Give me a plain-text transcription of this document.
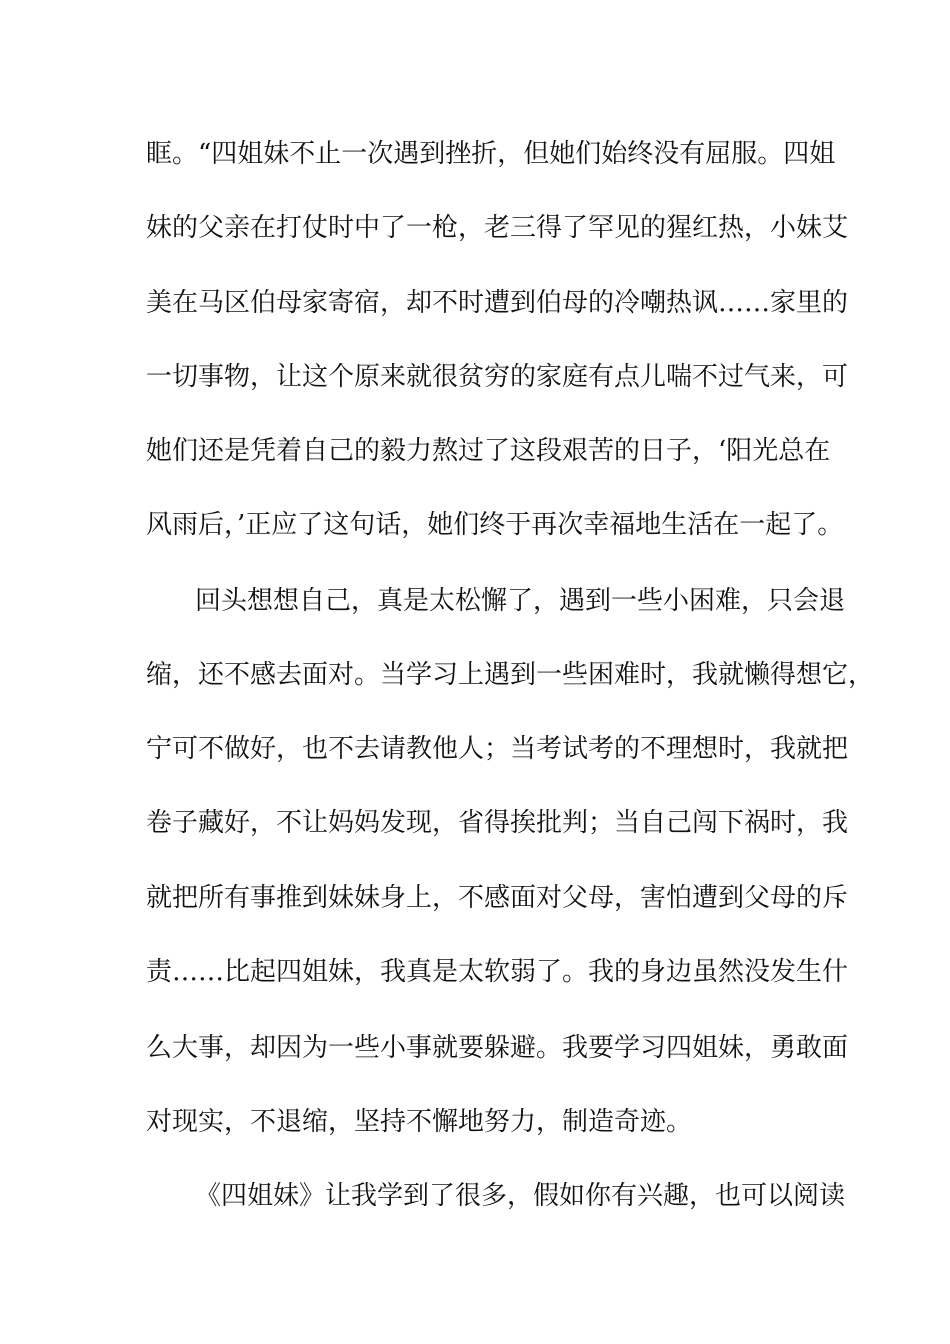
眶。“四姐妹不止一次遇到挫折，但她们始终没有屈服。四姐
妹的父亲在打仗时中了一枪，老三得了罕见的猩红热，小妹艾
美在马区伯母家寄宿，却不时遭到伯母的冷嘲热讽……家里的
一切事物，让这个原来就很贫穷的家庭有点儿喘不过气来，可
她们还是凭着自己的毅力熬过了这段艰苦的日子，‘阳光总在
风雨后，’正应了这句话，她们终于再次幸福地生活在一起了。
回头想想自己，真是太松懈了，遇到一些小困难，只会退
缩，还不感去面对。当学习上遇到一些困难时，我就懒得想它，
宁可不做好，也不去请教他人；当考试考的不理想时，我就把
卷子藏好，不让妈妈发现，省得挨批判；当自己闯下祸时，我
就把所有事推到妹妹身上，不感面对父母，害怕遭到父母的斥
责……比起四姐妹，我真是太软弱了。我的身边虽然没发生什
么大事，却因为一些小事就要躲避。我要学习四姐妹，勇敢面
对现实，不退缩，坚持不懈地努力，制造奇迹。
《四姐妹》让我学到了很多，假如你有兴趣，也可以阅读
